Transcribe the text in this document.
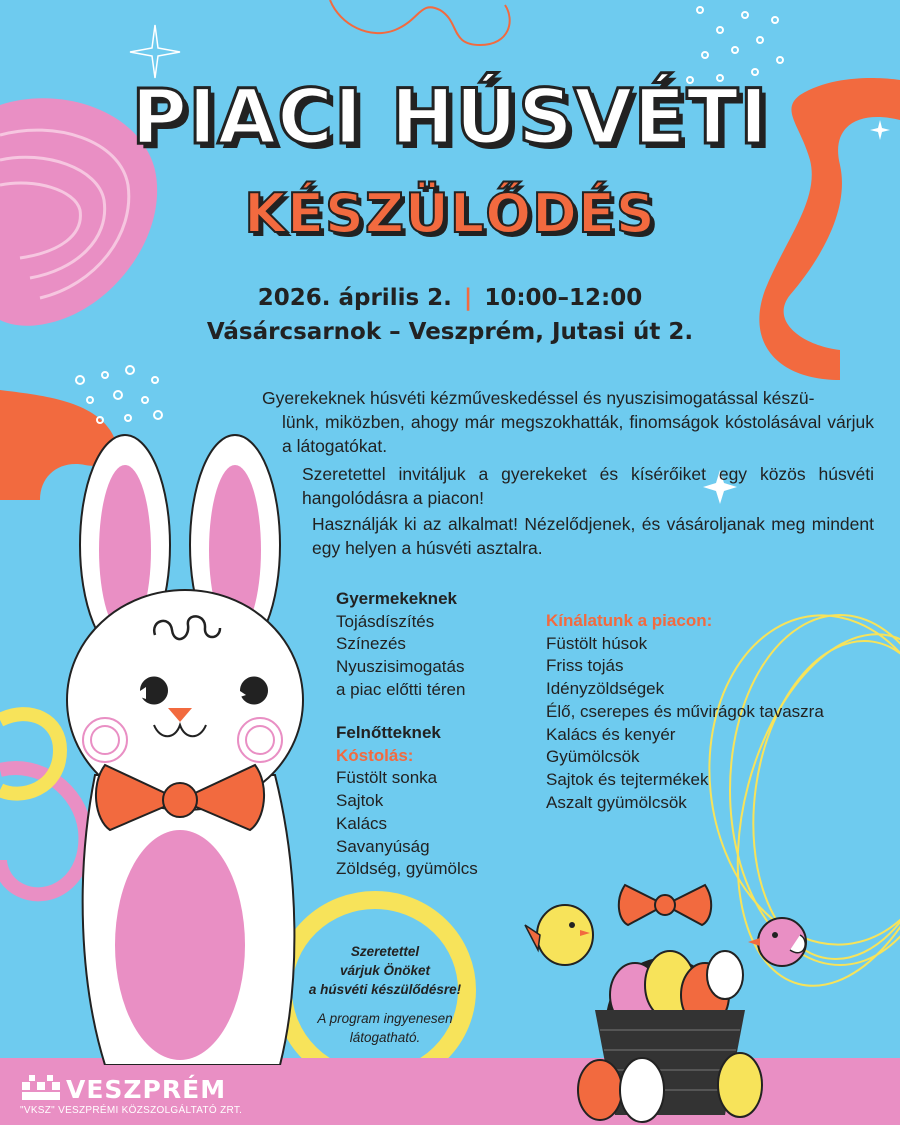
PIACI HÚSVÉTI
KÉSZÜLŐDÉS
2026. április 2. | 10:00–12:00
Vásárcsarnok – Veszprém, Jutasi út 2.
Gyerekeknek húsvéti kézműveskedéssel és nyuszisimogatással készü-
lünk, miközben, ahogy már megszokhatták, finomságok kóstolásával várjuk a látogatókat.
Szeretettel invitáljuk a gyerekeket és kísérőiket egy közös húsvéti hangolódásra a piacon!
Használják ki az alkalmat! Nézelődjenek, és vásároljanak meg mindent egy helyen a húsvéti asztalra.
Gyermekeknek
Tojásdíszítés
Színezés
Nyuszisimogatás
a piac előtti téren
Felnőtteknek
Kóstolás:
Füstölt sonka
Sajtok
Kalács
Savanyúság
Zöldség, gyümölcs
Kínálatunk a piacon:
Füstölt húsok
Friss tojás
Idényzöldségek
Élő, cserepes és művirágok tavaszra
Kalács és kenyér
Gyümölcsök
Sajtok és tejtermékek
Aszalt gyümölcsök
Szeretettel
várjuk Önöket
a húsvéti készülődésre!
A program ingyenesen
látogatható.
VESZPRÉM
"VKSZ" VESZPRÉMI KÖZSZOLGÁLTATÓ ZRT.
